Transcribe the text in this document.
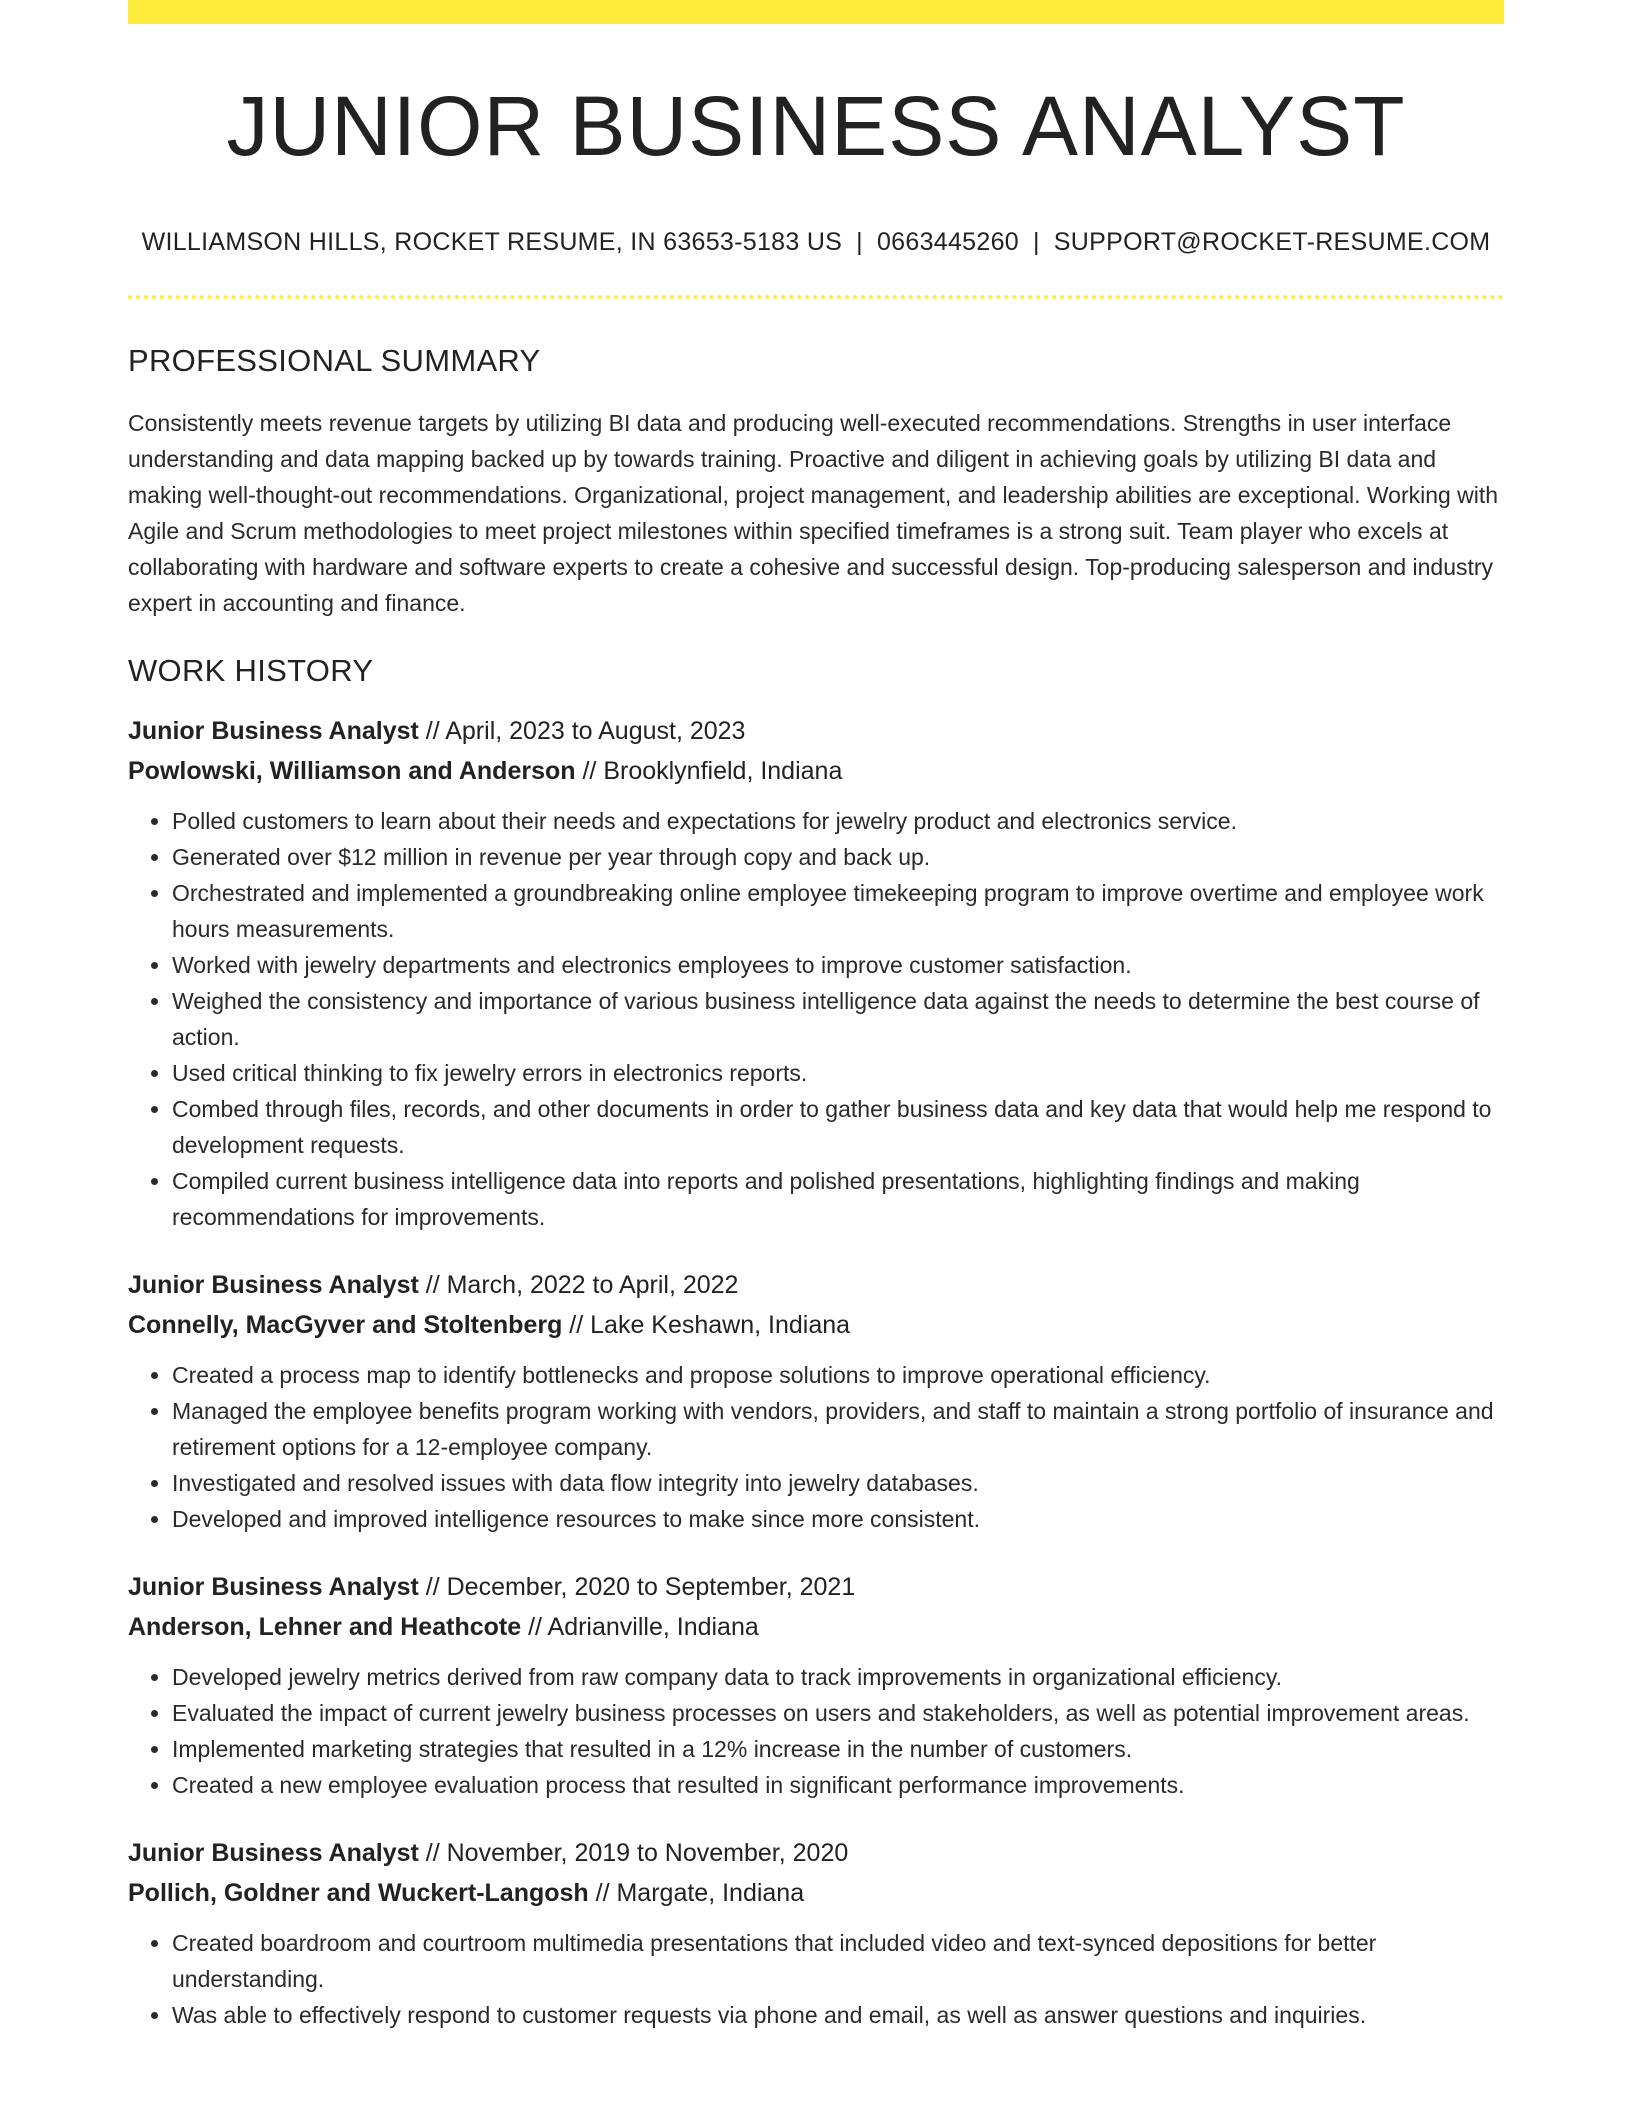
JUNIOR BUSINESS ANALYST
WILLIAMSON HILLS, ROCKET RESUME, IN 63653-5183 US | 0663445260 | SUPPORT@ROCKET-RESUME.COM
PROFESSIONAL SUMMARY
Consistently meets revenue targets by utilizing BI data and producing well-executed recommendations. Strengths in user interface understanding and data mapping backed up by towards training. Proactive and diligent in achieving goals by utilizing BI data and making well-thought-out recommendations. Organizational, project management, and leadership abilities are exceptional. Working with Agile and Scrum methodologies to meet project milestones within specified timeframes is a strong suit. Team player who excels at collaborating with hardware and software experts to create a cohesive and successful design. Top-producing salesperson and industry expert in accounting and finance.
WORK HISTORY
Junior Business Analyst // April, 2023 to August, 2023
Powlowski, Williamson and Anderson // Brooklynfield, Indiana
• Polled customers to learn about their needs and expectations for jewelry product and electronics service.
• Generated over $12 million in revenue per year through copy and back up.
• Orchestrated and implemented a groundbreaking online employee timekeeping program to improve overtime and employee work hours measurements.
• Worked with jewelry departments and electronics employees to improve customer satisfaction.
• Weighed the consistency and importance of various business intelligence data against the needs to determine the best course of action.
• Used critical thinking to fix jewelry errors in electronics reports.
• Combed through files, records, and other documents in order to gather business data and key data that would help me respond to development requests.
• Compiled current business intelligence data into reports and polished presentations, highlighting findings and making recommendations for improvements.
Junior Business Analyst // March, 2022 to April, 2022
Connelly, MacGyver and Stoltenberg // Lake Keshawn, Indiana
• Created a process map to identify bottlenecks and propose solutions to improve operational efficiency.
• Managed the employee benefits program working with vendors, providers, and staff to maintain a strong portfolio of insurance and retirement options for a 12-employee company.
• Investigated and resolved issues with data flow integrity into jewelry databases.
• Developed and improved intelligence resources to make since more consistent.
Junior Business Analyst // December, 2020 to September, 2021
Anderson, Lehner and Heathcote // Adrianville, Indiana
• Developed jewelry metrics derived from raw company data to track improvements in organizational efficiency.
• Evaluated the impact of current jewelry business processes on users and stakeholders, as well as potential improvement areas.
• Implemented marketing strategies that resulted in a 12% increase in the number of customers.
• Created a new employee evaluation process that resulted in significant performance improvements.
Junior Business Analyst // November, 2019 to November, 2020
Pollich, Goldner and Wuckert-Langosh // Margate, Indiana
• Created boardroom and courtroom multimedia presentations that included video and text-synced depositions for better understanding.
• Was able to effectively respond to customer requests via phone and email, as well as answer questions and inquiries.
